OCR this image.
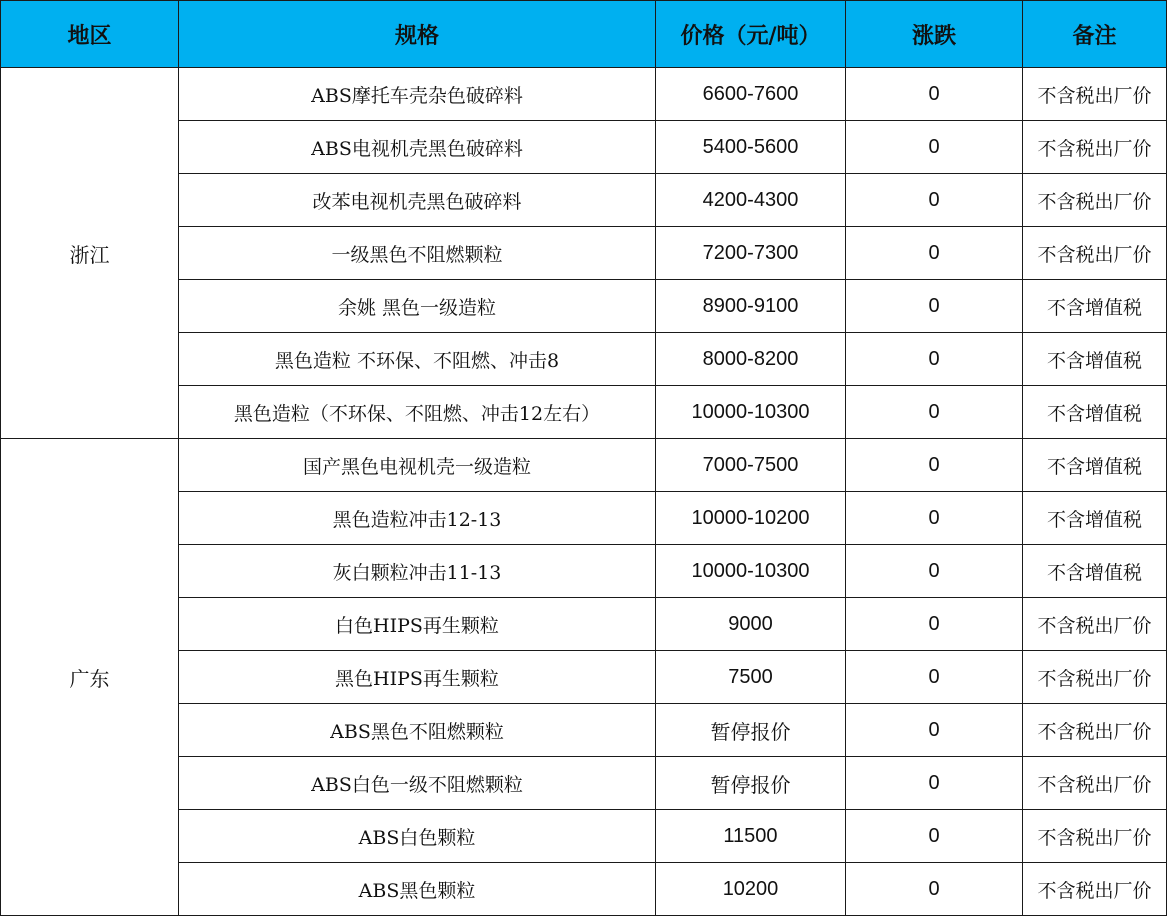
地区	规格	价格（元/吨）	涨跌	备注
浙江	ABS摩托车壳杂色破碎料	6600-7600	0	不含税出厂价
	ABS电视机壳黑色破碎料	5400-5600	0	不含税出厂价
	改苯电视机壳黑色破碎料	4200-4300	0	不含税出厂价
	一级黑色不阻燃颗粒	7200-7300	0	不含税出厂价
	余姚 黑色一级造粒	8900-9100	0	不含增值税
	黑色造粒 不环保、不阻燃、冲击8	8000-8200	0	不含增值税
	黑色造粒（不环保、不阻燃、冲击12左右）	10000-10300	0	不含增值税
广东	国产黑色电视机壳一级造粒	7000-7500	0	不含增值税
	黑色造粒冲击12-13	10000-10200	0	不含增值税
	灰白颗粒冲击11-13	10000-10300	0	不含增值税
	白色HIPS再生颗粒	9000	0	不含税出厂价
	黑色HIPS再生颗粒	7500	0	不含税出厂价
	ABS黑色不阻燃颗粒	暂停报价	0	不含税出厂价
	ABS白色一级不阻燃颗粒	暂停报价	0	不含税出厂价
	ABS白色颗粒	11500	0	不含税出厂价
	ABS黑色颗粒	10200	0	不含税出厂价
